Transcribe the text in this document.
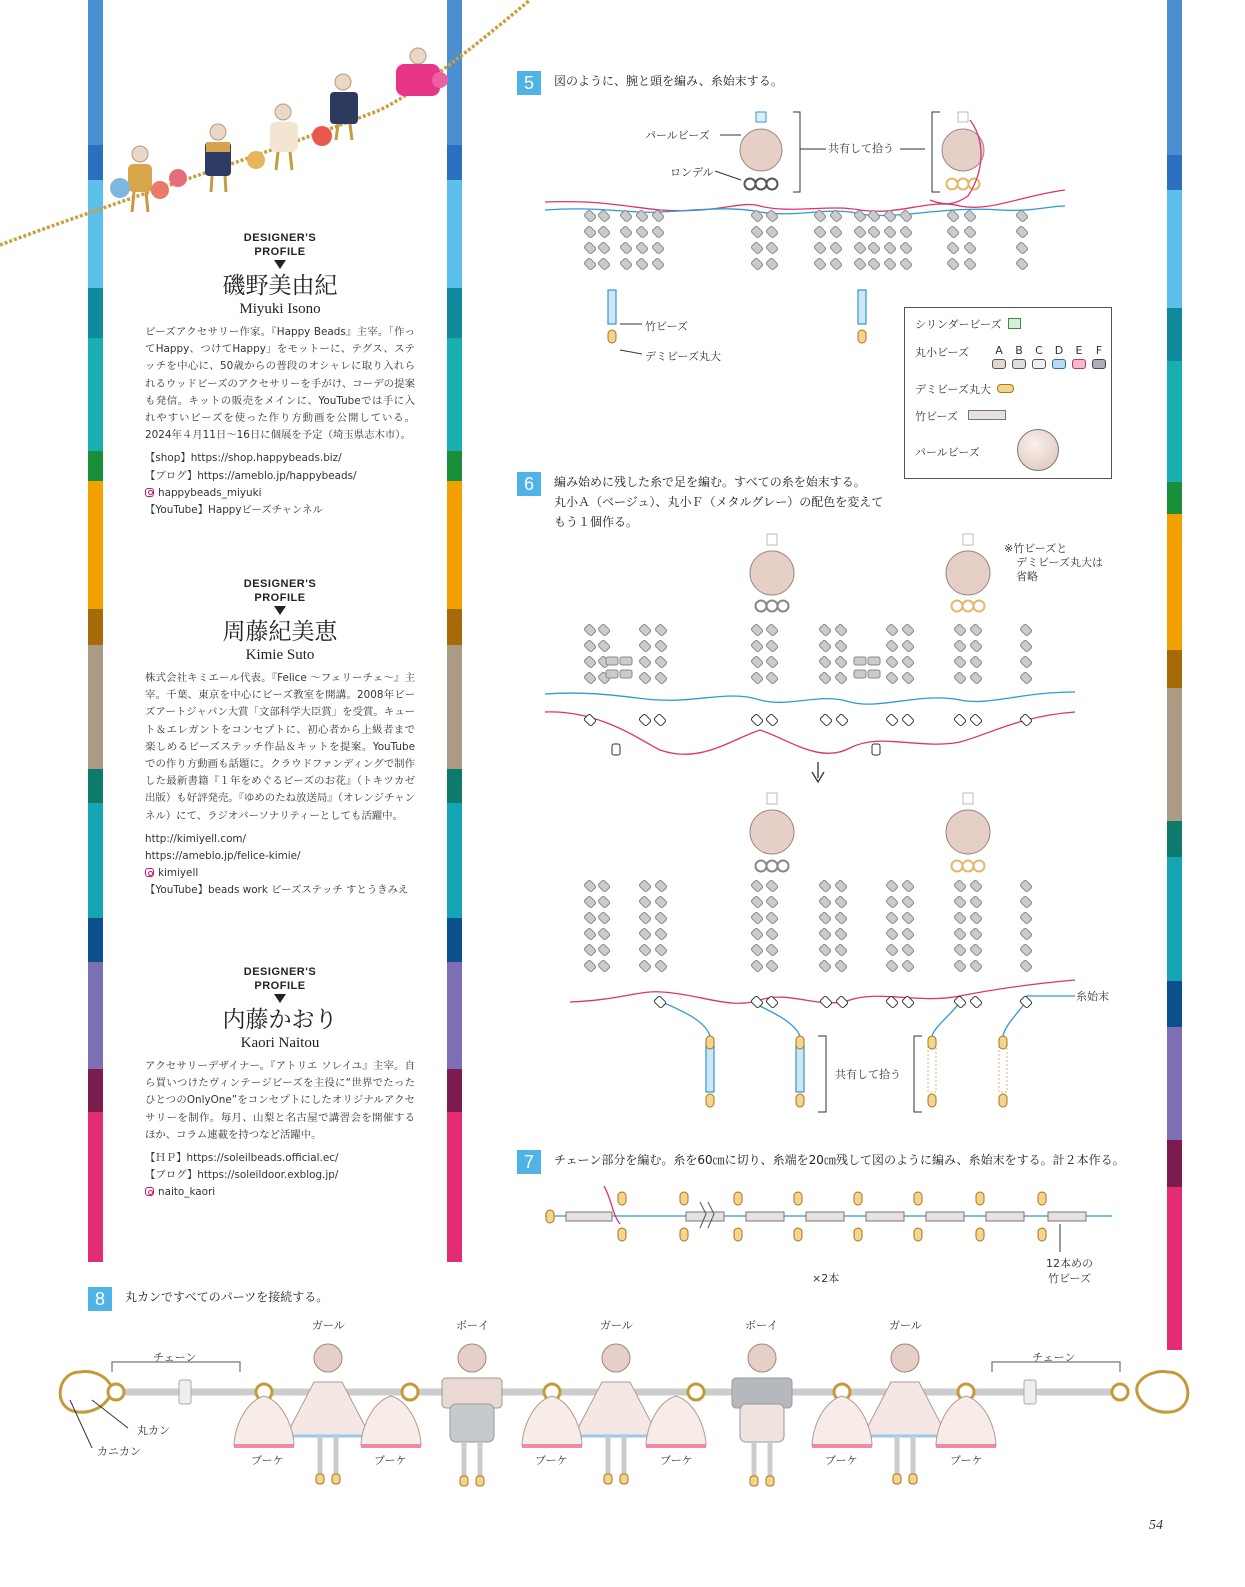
DESIGNER'S
PROFILE
磯野美由紀
Miyuki Isono

ビーズアクセサリー作家。『Happy Beads』主宰。「作ってHappy、つけてHappy」をモットーに、テグス、ステッチを中心に、50歳からの普段のオシャレに取り入れられるウッドビーズのアクセサリーを手がけ、コーデの提案も発信。キットの販売をメインに、YouTubeでは手に入れやすいビーズを使った作り方動画を公開している。2024年４月11日〜16日に個展を予定（埼玉県志木市）。

【shop】https://shop.happybeads.biz/
【ブログ】https://ameblo.jp/happybeads/
happybeads_miyuki
【YouTube】Happyビーズチャンネル
DESIGNER'S
PROFILE
周藤紀美恵
Kimie Suto

株式会社キミエール代表。『Felice 〜フェリーチェ〜』主宰。千葉、東京を中心にビーズ教室を開講。2008年ビーズアートジャパン大賞「文部科学大臣賞」を受賞。キュート＆エレガントをコンセプトに、初心者から上級者まで楽しめるビーズステッチ作品＆キットを提案。YouTube での作り方動画も話題に。クラウドファンディングで制作した最新書籍『１年をめぐるビーズのお花』（トキツカゼ出版）も好評発売。『ゆめのたね放送局』（オレンジチャンネル）にて、ラジオパーソナリティーとしても活躍中。

http://kimiyell.com/
https://ameblo.jp/felice-kimie/
kimiyell
【YouTube】beads work ビーズステッチ すとうきみえ
DESIGNER'S
PROFILE
内藤かおり
Kaori Naitou

アクセサリーデザイナー。『アトリエ ソレイユ』主宰。自ら買いつけたヴィンテージビーズを主役に“世界でたったひとつのOnlyOne”をコンセプトにしたオリジナルアクセサリーを制作。毎月、山梨と名古屋で講習会を開催するほか、コラム連載を持つなど活躍中。

【ＨＰ】https://soleilbeads.official.ec/
【ブログ】https://soleildoor.exblog.jp/
naito_kaori
5	図のように、腕と頭を編み、糸始末する。
6	編み始めに残した糸で足を編む。すべての糸を始末する。
丸小Ａ（ベージュ）、丸小Ｆ（メタルグレー）の配色を変えて
もう１個作る。
7	チェーン部分を編む。糸を60㎝に切り、糸端を20㎝残して図のように編み、糸始末をする。計２本作る。
8	丸カンですべてのパーツを接続する。
パールビーズ
ロンデル
共有して拾う
竹ビーズ
デミビーズ丸大
※竹ビーズと
デミビーズ丸大は
省略
糸始末
共有して拾う
×2本
12本めの
竹ビーズ
チェーン	チェーン
丸カン
カニカン
ガール	ボーイ	ガール	ボーイ	ガール
ブーケ	ブーケ	ブーケ	ブーケ	ブーケ	ブーケ
シリンダービーズ
丸小ビーズ	A	B	C	D	E	F
デミビーズ丸大
竹ビーズ
パールビーズ
54
